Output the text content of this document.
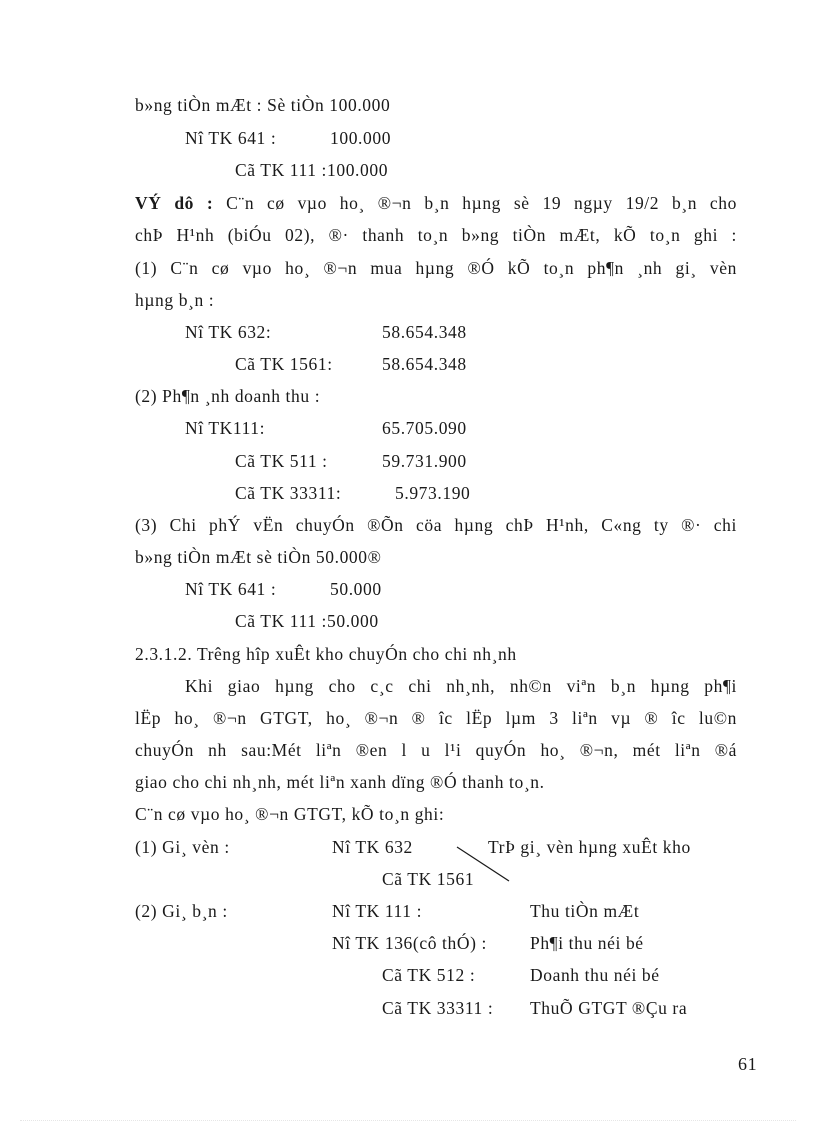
b»ng tiÒn mÆt : Sè tiÒn 100.000
Nî TK 641 :	100.000
Cã TK 111 :100.000
VÝ dô : C¨n cø vµo ho¸ ®¬n b¸n hµng sè 19 ngµy 19/2 b¸n cho
chÞ H¹nh (biÓu 02), ®· thanh to¸n b»ng tiÒn mÆt, kÕ to¸n ghi :
(1) C¨n cø vµo ho¸ ®¬n mua hµng ®Ó kÕ to¸n ph¶n ¸nh gi¸ vèn
hµng b¸n :
Nî TK 632:	58.654.348
Cã TK 1561:	58.654.348
(2) Ph¶n ¸nh doanh thu :
Nî TK111:	65.705.090
Cã TK 511 :	59.731.900
Cã TK 33311:	5.973.190
(3) Chi phÝ vËn chuyÓn ®Õn cöa hµng chÞ H¹nh, C«ng ty ®· chi
b»ng tiÒn mÆt sè tiÒn 50.000®
Nî TK 641 :	50.000
Cã TK 111 :50.000
2.3.1.2. Trêng hîp xuÊt kho chuyÓn cho chi nh¸nh
Khi giao hµng cho c¸c chi nh¸nh, nh©n viªn b¸n hµng ph¶i
lËp ho¸ ®¬n GTGT, ho¸ ®¬n ® îc lËp lµm 3 liªn vµ ® îc lu©n
chuyÓn nh sau:Mét liªn ®en l u l¹i quyÓn ho¸ ®¬n, mét liªn ®á
giao cho chi nh¸nh, mét liªn xanh dïng ®Ó thanh to¸n.
C¨n cø vµo ho¸ ®¬n GTGT, kÕ to¸n ghi:
(1) Gi¸ vèn :	Nî TK 632	TrÞ gi¸ vèn hµng xuÊt kho
Cã TK 1561
(2) Gi¸ b¸n :	Nî TK 111 :	Thu tiÒn mÆt
Nî TK 136(cô thÓ) : Ph¶i thu néi bé
Cã TK 512 :	Doanh thu néi bé
Cã TK 33311 : ThuÕ GTGT ®Çu ra
61
